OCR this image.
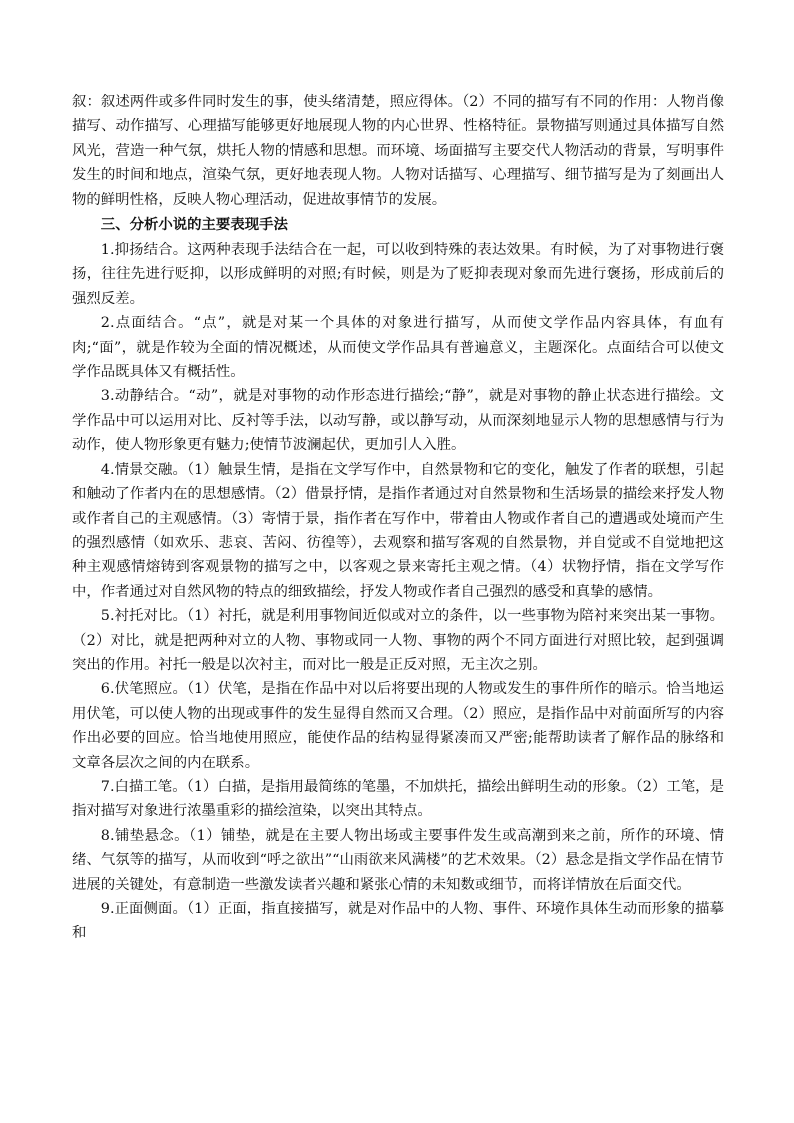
叙：叙述两件或多件同时发生的事，使头绪清楚，照应得体。（2）不同的描写有不同的作用：人物肖像描写、动作描写、心理描写能够更好地展现人物的内心世界、性格特征。景物描写则通过具体描写自然风光，营造一种气氛，烘托人物的情感和思想。而环境、场面描写主要交代人物活动的背景，写明事件发生的时间和地点，渲染气氛，更好地表现人物。人物对话描写、心理描写、细节描写是为了刻画出人物的鲜明性格，反映人物心理活动，促进故事情节的发展。

三、分析小说的主要表现手法

1.抑扬结合。这两种表现手法结合在一起，可以收到特殊的表达效果。有时候，为了对事物进行褒扬，往往先进行贬抑，以形成鲜明的对照;有时候，则是为了贬抑表现对象而先进行褒扬，形成前后的强烈反差。

2.点面结合。“点”，就是对某一个具体的对象进行描写，从而使文学作品内容具体，有血有肉;“面”，就是作较为全面的情况概述，从而使文学作品具有普遍意义，主题深化。点面结合可以使文学作品既具体又有概括性。

3.动静结合。“动”，就是对事物的动作形态进行描绘;“静”，就是对事物的静止状态进行描绘。文学作品中可以运用对比、反衬等手法，以动写静，或以静写动，从而深刻地显示人物的思想感情与行为动作，使人物形象更有魅力;使情节波澜起伏，更加引人入胜。

4.情景交融。（1）触景生情，是指在文学写作中，自然景物和它的变化，触发了作者的联想，引起和触动了作者内在的思想感情。（2）借景抒情，是指作者通过对自然景物和生活场景的描绘来抒发人物或作者自己的主观感情。（3）寄情于景，指作者在写作中，带着由人物或作者自己的遭遇或处境而产生的强烈感情（如欢乐、悲哀、苦闷、彷徨等），去观察和描写客观的自然景物，并自觉或不自觉地把这种主观感情熔铸到客观景物的描写之中，以客观之景来寄托主观之情。（4）状物抒情，指在文学写作中，作者通过对自然风物的特点的细致描绘，抒发人物或作者自己强烈的感受和真挚的感情。

5.衬托对比。（1）衬托，就是利用事物间近似或对立的条件，以一些事物为陪衬来突出某一事物。（2）对比，就是把两种对立的人物、事物或同一人物、事物的两个不同方面进行对照比较，起到强调突出的作用。衬托一般是以次衬主，而对比一般是正反对照，无主次之别。

6.伏笔照应。（1）伏笔，是指在作品中对以后将要出现的人物或发生的事件所作的暗示。恰当地运用伏笔，可以使人物的出现或事件的发生显得自然而又合理。（2）照应，是指作品中对前面所写的内容作出必要的回应。恰当地使用照应，能使作品的结构显得紧凑而又严密;能帮助读者了解作品的脉络和文章各层次之间的内在联系。

7.白描工笔。（1）白描，是指用最简练的笔墨，不加烘托，描绘出鲜明生动的形象。（2）工笔，是指对描写对象进行浓墨重彩的描绘渲染，以突出其特点。

8.铺垫悬念。（1）铺垫，就是在主要人物出场或主要事件发生或高潮到来之前，所作的环境、情绪、气氛等的描写，从而收到“呼之欲出”“山雨欲来风满楼”的艺术效果。（2）悬念是指文学作品在情节进展的关键处，有意制造一些激发读者兴趣和紧张心情的未知数或细节，而将详情放在后面交代。

9.正面侧面。（1）正面，指直接描写，就是对作品中的人物、事件、环境作具体生动而形象的描摹和
